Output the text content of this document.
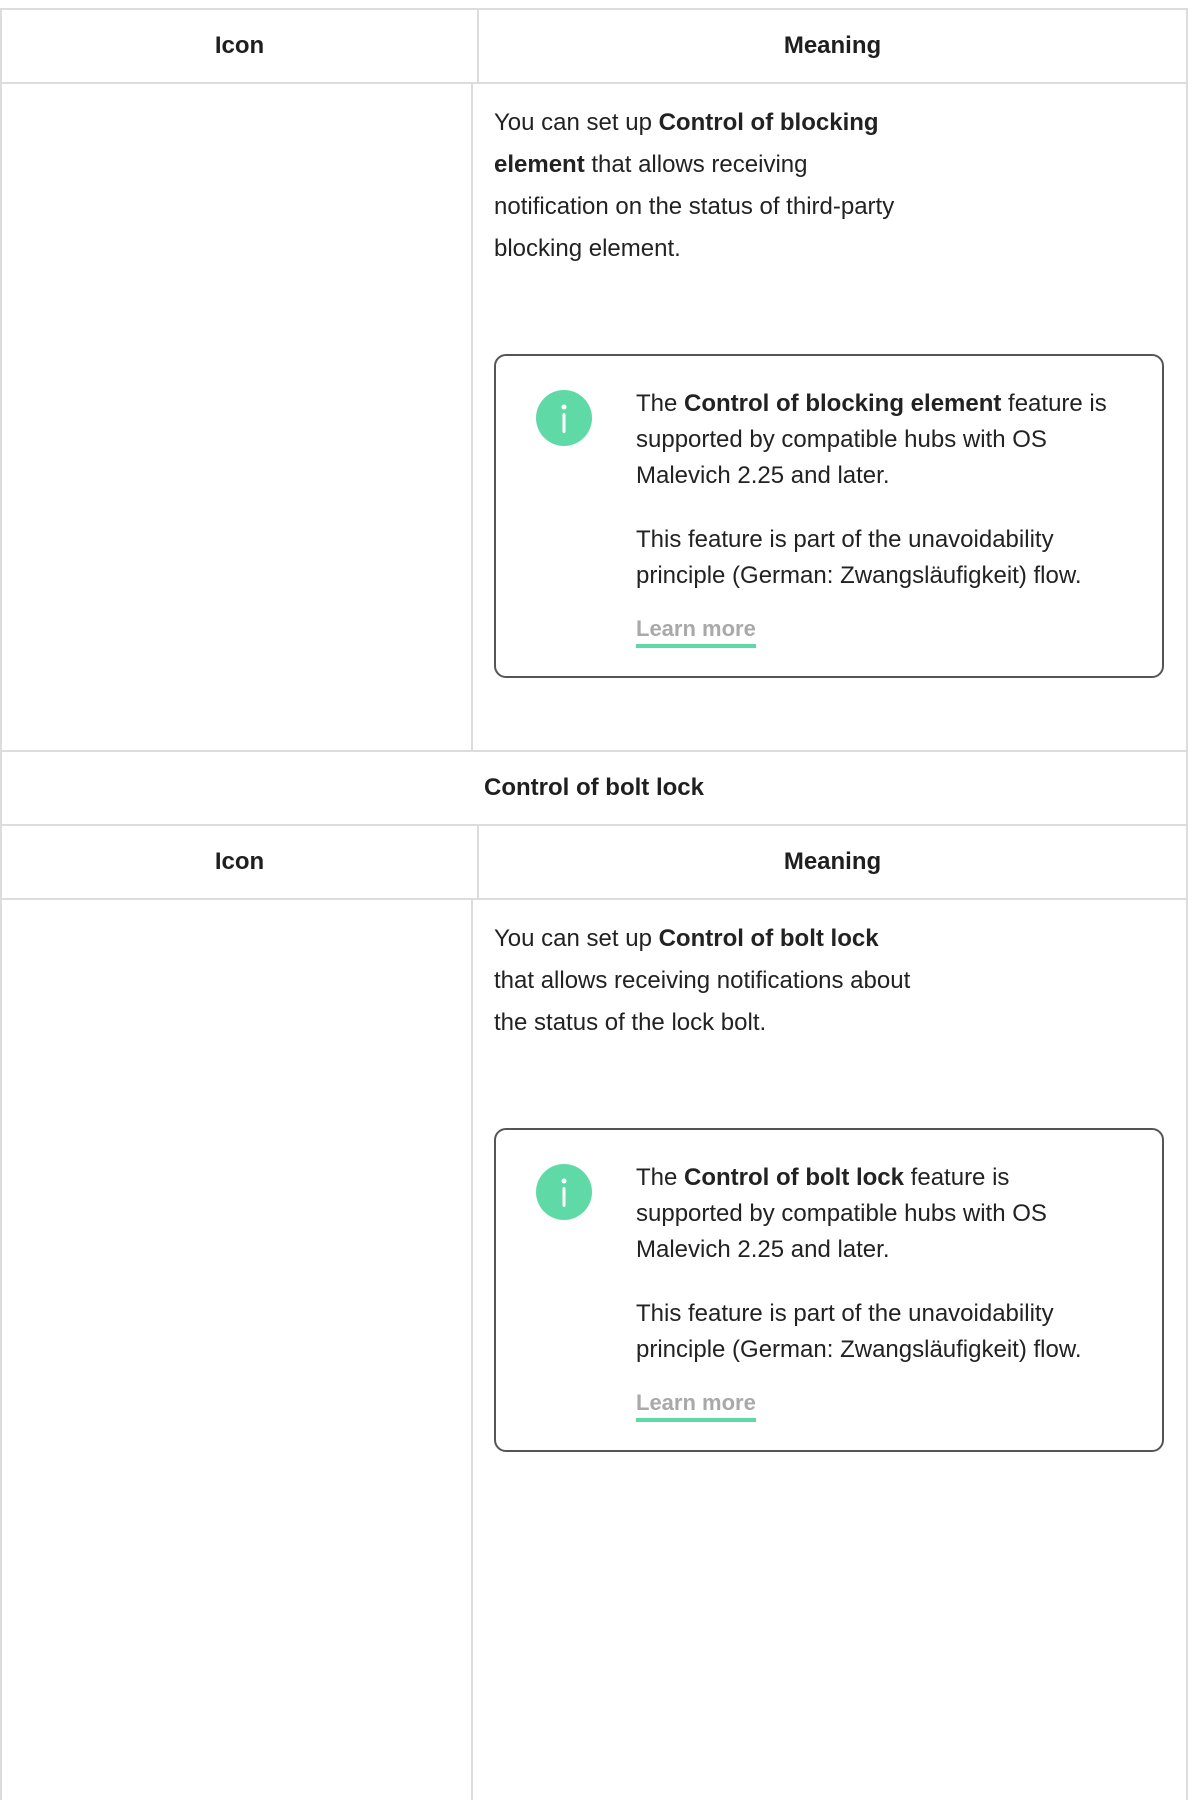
Icon	Meaning

You can set up Control of blocking element that allows receiving notification on the status of third-party blocking element.

The Control of blocking element feature is supported by compatible hubs with OS Malevich 2.25 and later.

This feature is part of the unavoidability principle (German: Zwangsläufigkeit) flow.

Learn more
Control of bolt lock
Icon	Meaning

You can set up Control of bolt lock that allows receiving notifications about the status of the lock bolt.

The Control of bolt lock feature is supported by compatible hubs with OS Malevich 2.25 and later.

This feature is part of the unavoidability principle (German: Zwangsläufigkeit) flow.

Learn more
